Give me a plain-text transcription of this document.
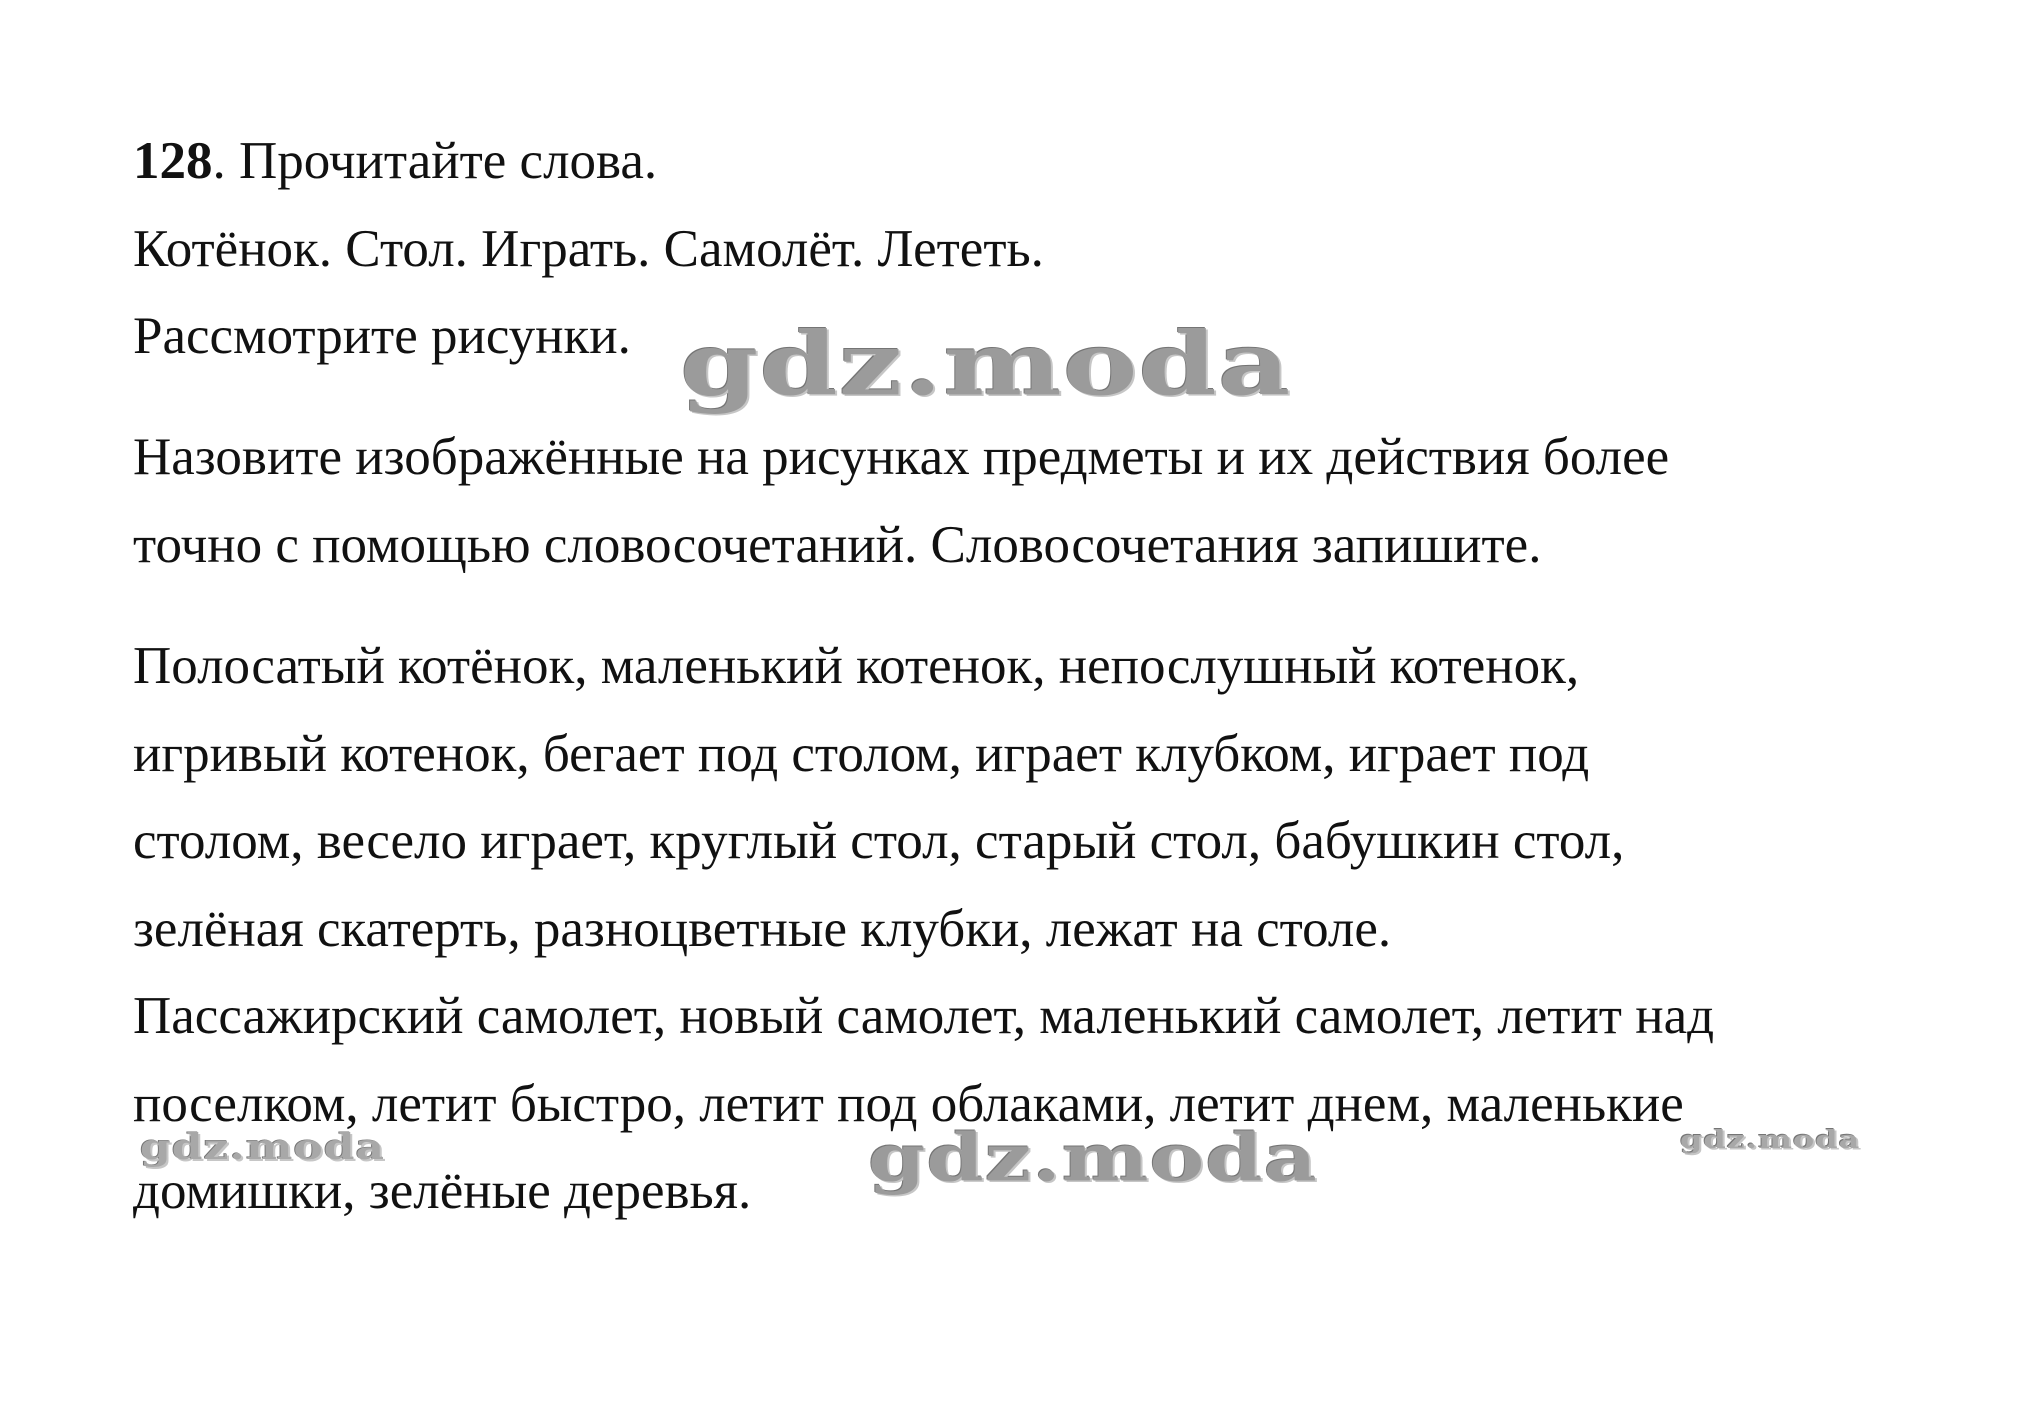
128. Прочитайте слова.
Котёнок. Стол. Играть. Самолёт. Лететь.
Рассмотрите рисунки.
Назовите изображённые на рисунках предметы и их действия более
точно с помощью словосочетаний. Словосочетания запишите.
Полосатый котёнок, маленький котенок, непослушный котенок,
игривый котенок, бегает под столом, играет клубком, играет под
столом, весело играет, круглый стол, старый стол, бабушкин стол,
зелёная скатерть, разноцветные клубки, лежат на столе.
Пассажирский самолет, новый самолет, маленький самолет, летит над
поселком, летит быстро, летит под облаками, летит днем, маленькие
домишки, зелёные деревья.
gdz.moda
gdz.moda
gdz.moda	gdz.moda
